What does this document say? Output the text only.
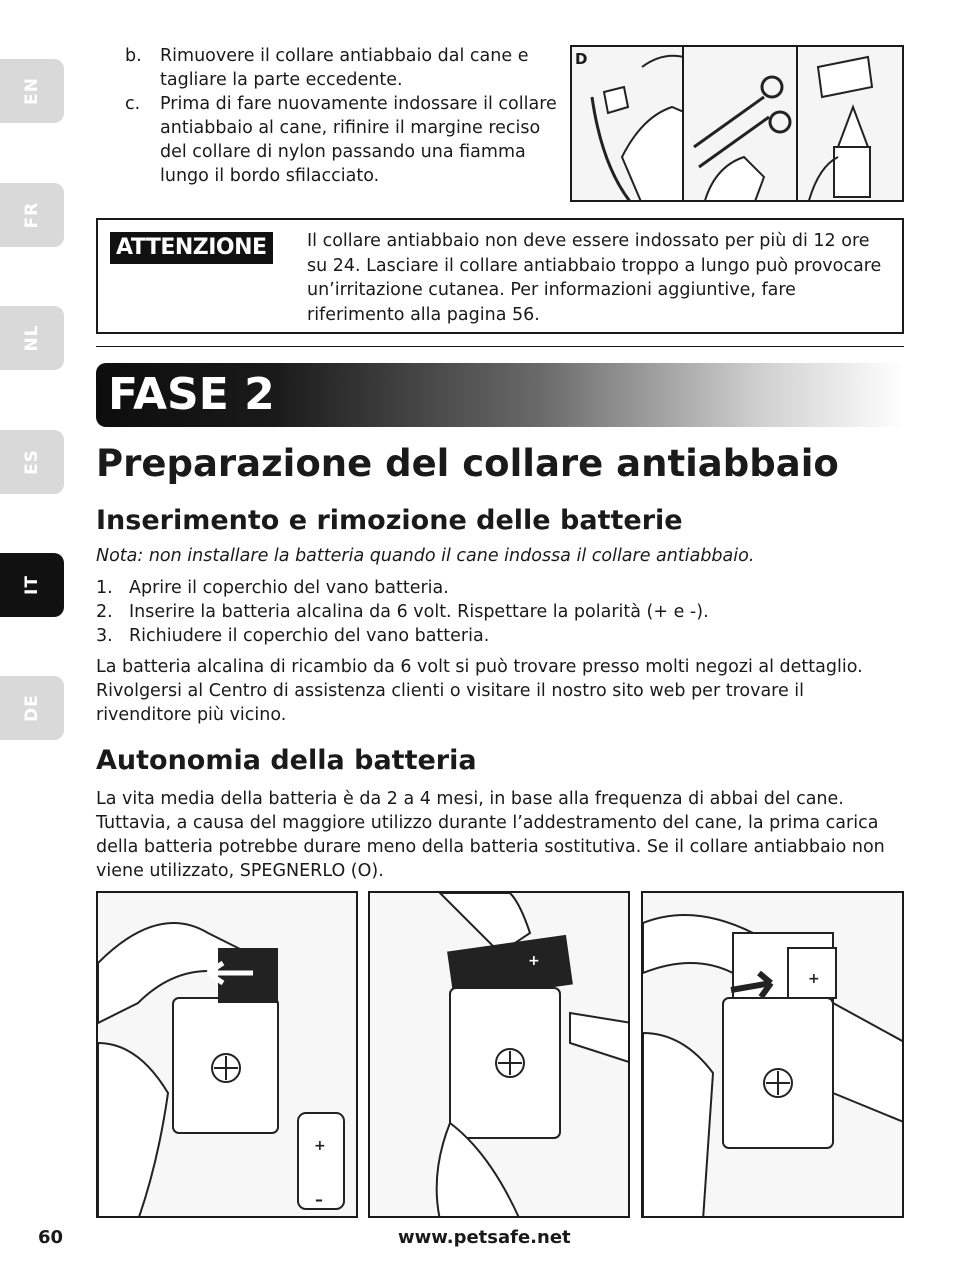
EN
FR
NL
ES
IT
DE
b.	Rimuovere il collare antiabbaio dal cane e tagliare la parte eccedente.
c.	Prima di fare nuovamente indossare il collare antiabbaio al cane, rifinire il margine reciso del collare di nylon passando una fiamma lungo il bordo sfilacciato.
D
ATTENZIONE	Il collare antiabbaio non deve essere indossato per più di 12 ore su 24. Lasciare il collare antiabbaio troppo a lungo può provocare un’irritazione cutanea. Per informazioni aggiuntive, fare riferimento alla pagina 56.
FASE 2
Preparazione del collare antiabbaio
Inserimento e rimozione delle batterie
Nota: non installare la batteria quando il cane indossa il collare antiabbaio.
1. Aprire il coperchio del vano batteria.
2. Inserire la batteria alcalina da 6 volt. Rispettare la polarità (+ e -).
3. Richiudere il coperchio del vano batteria.
La batteria alcalina di ricambio da 6 volt si può trovare presso molti negozi al dettaglio. Rivolgersi al Centro di assistenza clienti o visitare il nostro sito web per trovare il rivenditore più vicino.
Autonomia della batteria
La vita media della batteria è da 2 a 4 mesi, in base alla frequenza di abbai del cane. Tuttavia, a causa del maggiore utilizzo durante l’addestramento del cane, la prima carica della batteria potrebbe durare meno della batteria sostitutiva. Se il collare antiabbaio non viene utilizzato, SPEGNERLO (O).
+
–
+
+
60	www.petsafe.net
